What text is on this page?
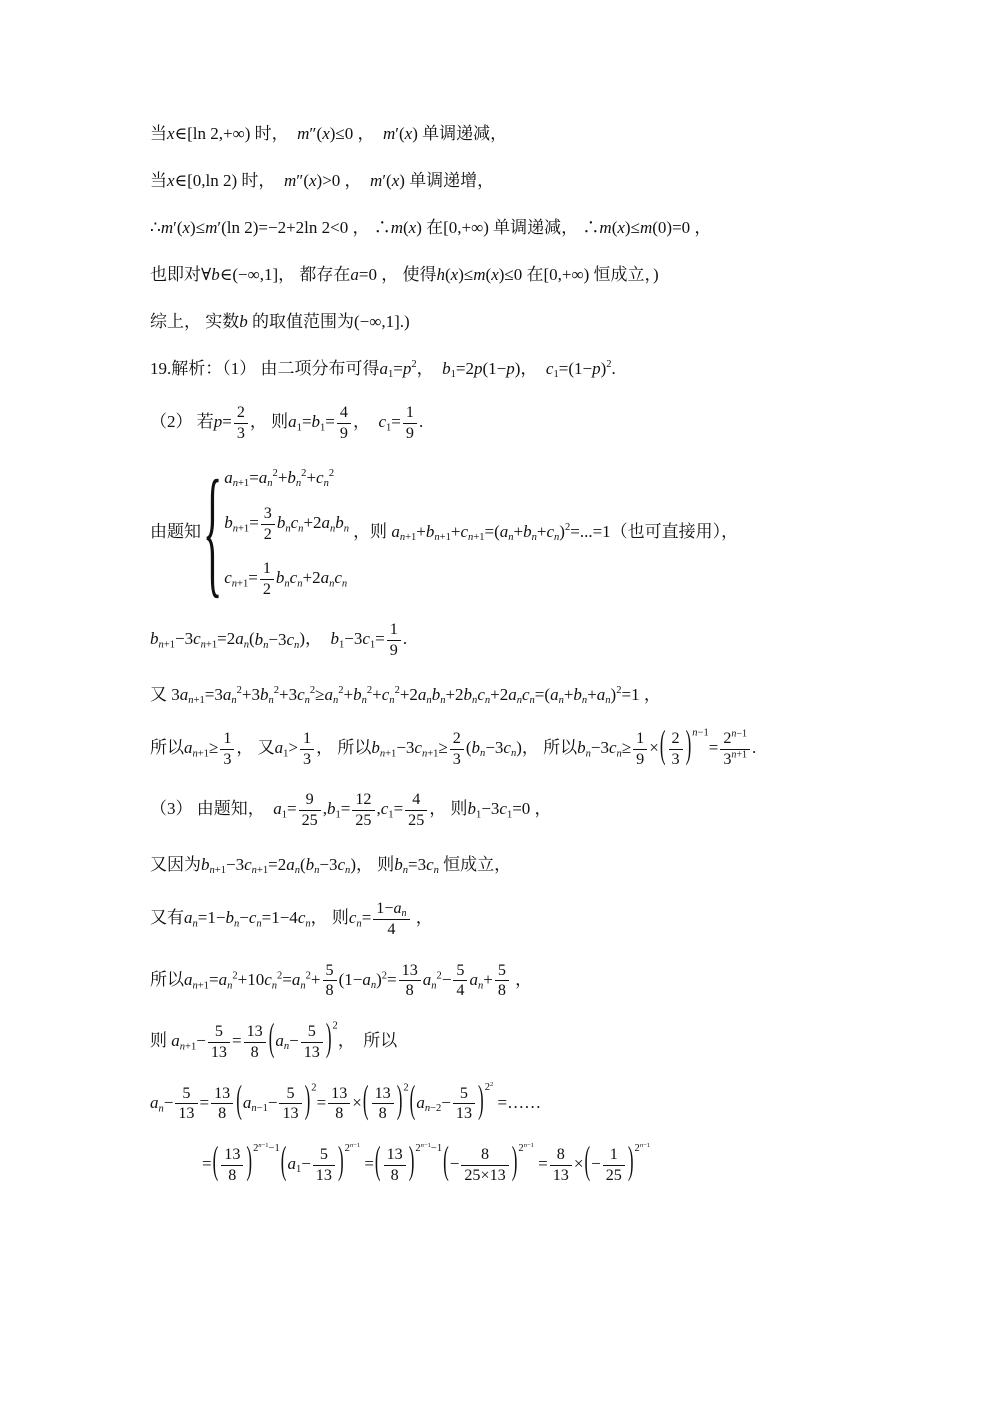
当x∈[ln 2,+∞) 时，  m″(x)≤0 ，  m′(x) 单调递减，
当x∈[0,ln 2) 时，  m″(x)>0 ，  m′(x) 单调递增，
∴m′(x)≤m′(ln 2)=−2+2ln 2<0 ， ∴m(x) 在[0,+∞) 单调递减， ∴m(x)≤m(0)=0 ，
也即对∀b∈(−∞,1]， 都存在a=0 ， 使得h(x)≤m(x)≤0 在[0,+∞) 恒成立，)
综上， 实数b 的取值范围为(−∞,1].)
19.解析：（1） 由二项分布可得$a_1=p^2$，  $b_1=2p(1-p)$，  $c_1=(1-p)^2$.
（2） 若$p= \frac{2}{3}$ ， 则$a_1=b_1= \frac{4}{9}$ ，  $c_1= \frac{1}{9}$ .
由题知 { $a_{n+1}=a_n^2+b_n^2+c_n^2$
$b_{n+1}= \frac{3}{2} b_nc_n+2a_nb_n$
$c_{n+1}= \frac{1}{2} b_nc_n+2a_nc_n$
，则 $a_{n+1}+b_{n+1}+c_{n+1}=(a_n+b_n+c_n)^2=...=1$（也可直接用），
$b_{n+1}-3c_{n+1}=2a_n(b_n-3c_n)$，  $b_1-3c_1= \frac{1}{9}$ .
又 $3a_{n+1}=3a_n^2+3b_n^2+3c_n^2\ge a_n^2+b_n^2+c_n^2+2a_nb_n+2b_nc_n+2a_nc_n=(a_n+b_n+a_n)^2=1$ ，
所以$a_{n+1}\ge \frac{1}{3}$ ， 又$a_1> \frac{1}{3}$ ， 所以$b_{n+1}-3c_{n+1}\ge \frac{2}{3} (b_n-3c_n)$， 所以$b_n-3c_n\ge \frac{1}{9}$ ×( $\frac{2}{3} )^{n-1}= \frac{2^{n-1}}{3^{n+1}}$ .
（3） 由题知，  $a_1= \frac{9}{25} ,b_1= \frac{12}{25} ,c_1= \frac{4}{25}$ ， 则$b_1-3c_1=0$ ，
又因为$b_{n+1}-3c_{n+1}=2a_n(b_n-3c_n)$， 则$b_n=3c_n$ 恒成立，
又有$a_n=1-b_n-c_n=1-4c_n$， 则$c_n= \frac{1-a_n}{4}$ ，
所以$a_{n+1}=a_n^2+10c_n^2=a_n^2+ \frac{5}{8} (1-a_n)^2= \frac{13}{8} a_n^2- \frac{5}{4} a_n+ \frac{5}{8}$ ，
则 $a_{n+1}- \frac{5}{13} = \frac{13}{8} (a_n- \frac{5}{13} )^2$，  所以
$a_n- \frac{5}{13} = \frac{13}{8} (a_{n-1}- \frac{5}{13} )^2= \frac{13}{8}$ ×( $\frac{13}{8} )^2(a_{n-2}- \frac{5}{13} )^{2^2}$ =……
=( $\frac{13}{8} )^{2^{n-1}-1}(a_1- \frac{5}{13} )^{2^{n-1}}$ =( $\frac{13}{8} )^{2^{n-1}-1}(- \frac{8}{25\times 13} )^{2^{n-1}} = \frac{8}{13}$ ×(− $\frac{1}{25} )^{2^{n-1}}$
